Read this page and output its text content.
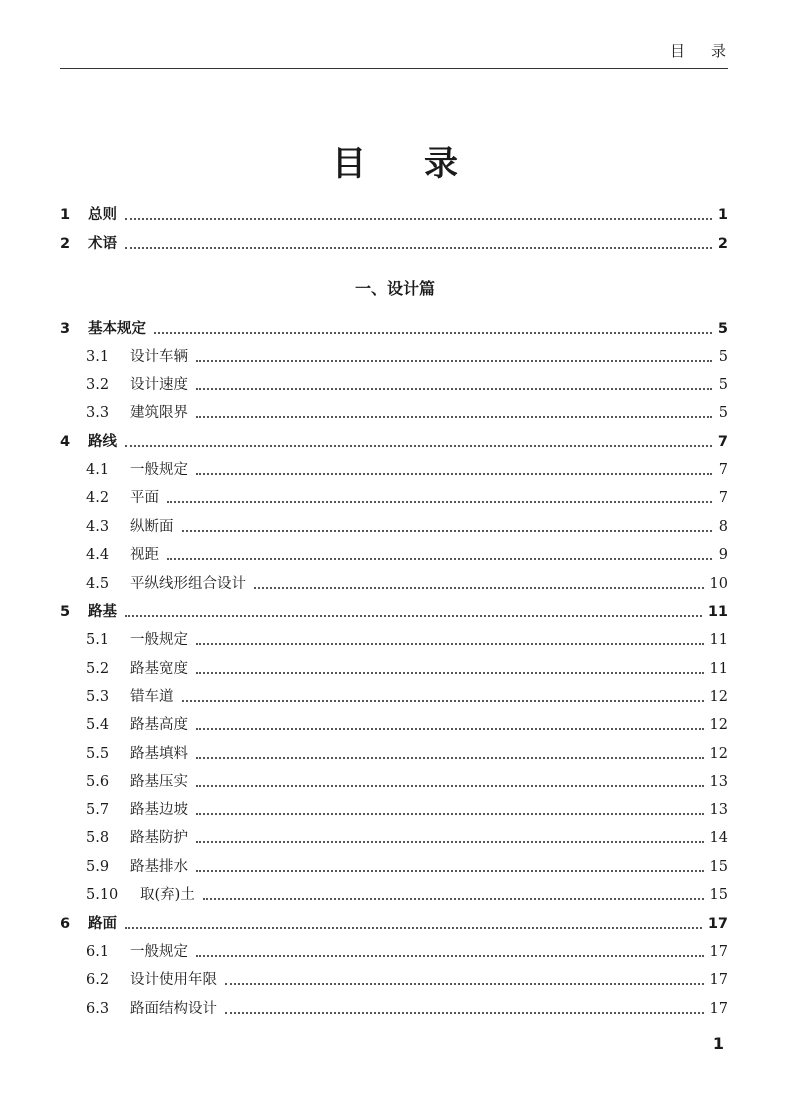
目录
目录
一、设计篇
1	总则	1
2	术语	2
3	基本规定	5
3.1	设计车辆	5
3.2	设计速度	5
3.3	建筑限界	5
4	路线	7
4.1	一般规定	7
4.2	平面	7
4.3	纵断面	8
4.4	视距	9
4.5	平纵线形组合设计	10
5	路基	11
5.1	一般规定	11
5.2	路基宽度	11
5.3	错车道	12
5.4	路基高度	12
5.5	路基填料	12
5.6	路基压实	13
5.7	路基边坡	13
5.8	路基防护	14
5.9	路基排水	15
5.10	取(弃)土	15
6	路面	17
6.1	一般规定	17
6.2	设计使用年限	17
6.3	路面结构设计	17
1
